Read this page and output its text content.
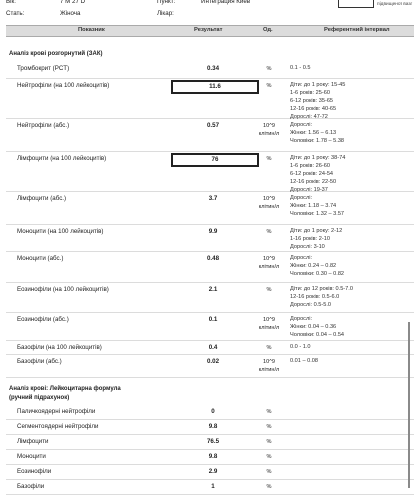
Вік:	7 М 27 D	Пункт:	Интеграция Киев
Стать:	Жіноча	Лікар:
підвищеної вазг
Показник	Результат	Од.	Референтний інтервал
Аналіз крові розгорнутий (ЗАК)
Тромбокрит (PCT)	0.34	%	0.1 - 0.5
Нейтрофіли (на 100 лейкоцитів)	11.6	%	Діти: до 1 року: 15-45
1-6 років: 25-60
6-12 років: 35-65
12-16 років: 40-65
Дорослі: 47-72
Нейтрофіли (абс.)	0.57	10^9
клітин/л
Дорослі:
Жінки: 1.56 – 6.13
Чоловіки: 1.78 – 5.38
Лімфоцити (на 100 лейкоцитів)	76	%	Діти: до 1 року: 38-74
1-6 років: 26-60
6-12 років: 24-54
12-16 років: 22-50
Дорослі: 19-37
Лімфоцити (абс.)	3.7	10^9
клітин/л
Дорослі:
Жінки: 1.18 – 3.74
Чоловіки: 1.32 – 3.57
Моноцити (на 100 лейкоцитів)	9.9	%	Діти: до 1 року: 2-12
1-16 років: 2-10
Дорослі: 3-10
Моноцити (абс.)	0.48	10^9
клітин/л
Дорослі:
Жінки: 0.24 – 0.82
Чоловіки: 0.30 – 0.82
Еозинофіли (на 100 лейкоцитів)	2.1	%	Діти: до 12 років: 0.5-7.0
12-16 років: 0.5-6.0
Дорослі: 0.5-5.0
Еозинофіли (абс.)	0.1	10^9
клітин/л
Дорослі:
Жінки: 0.04 – 0.36
Чоловіки: 0.04 – 0.54
Базофіли (на 100 лейкоцитів)	0.4	%	0.0 - 1.0
Базофіли (абс.)	0.02	10^9
клітин/л
0.01 – 0.08
Аналіз крові: Лейкоцитарна формула
(ручний підрахунок)
Паличкоядерні нейтрофіли	0	%
Сегментоядерні нейтрофіли	9.8	%
Лімфоцити	76.5	%
Моноцити	9.8	%
Еозинофіли	2.9	%
Базофіли	1	%
